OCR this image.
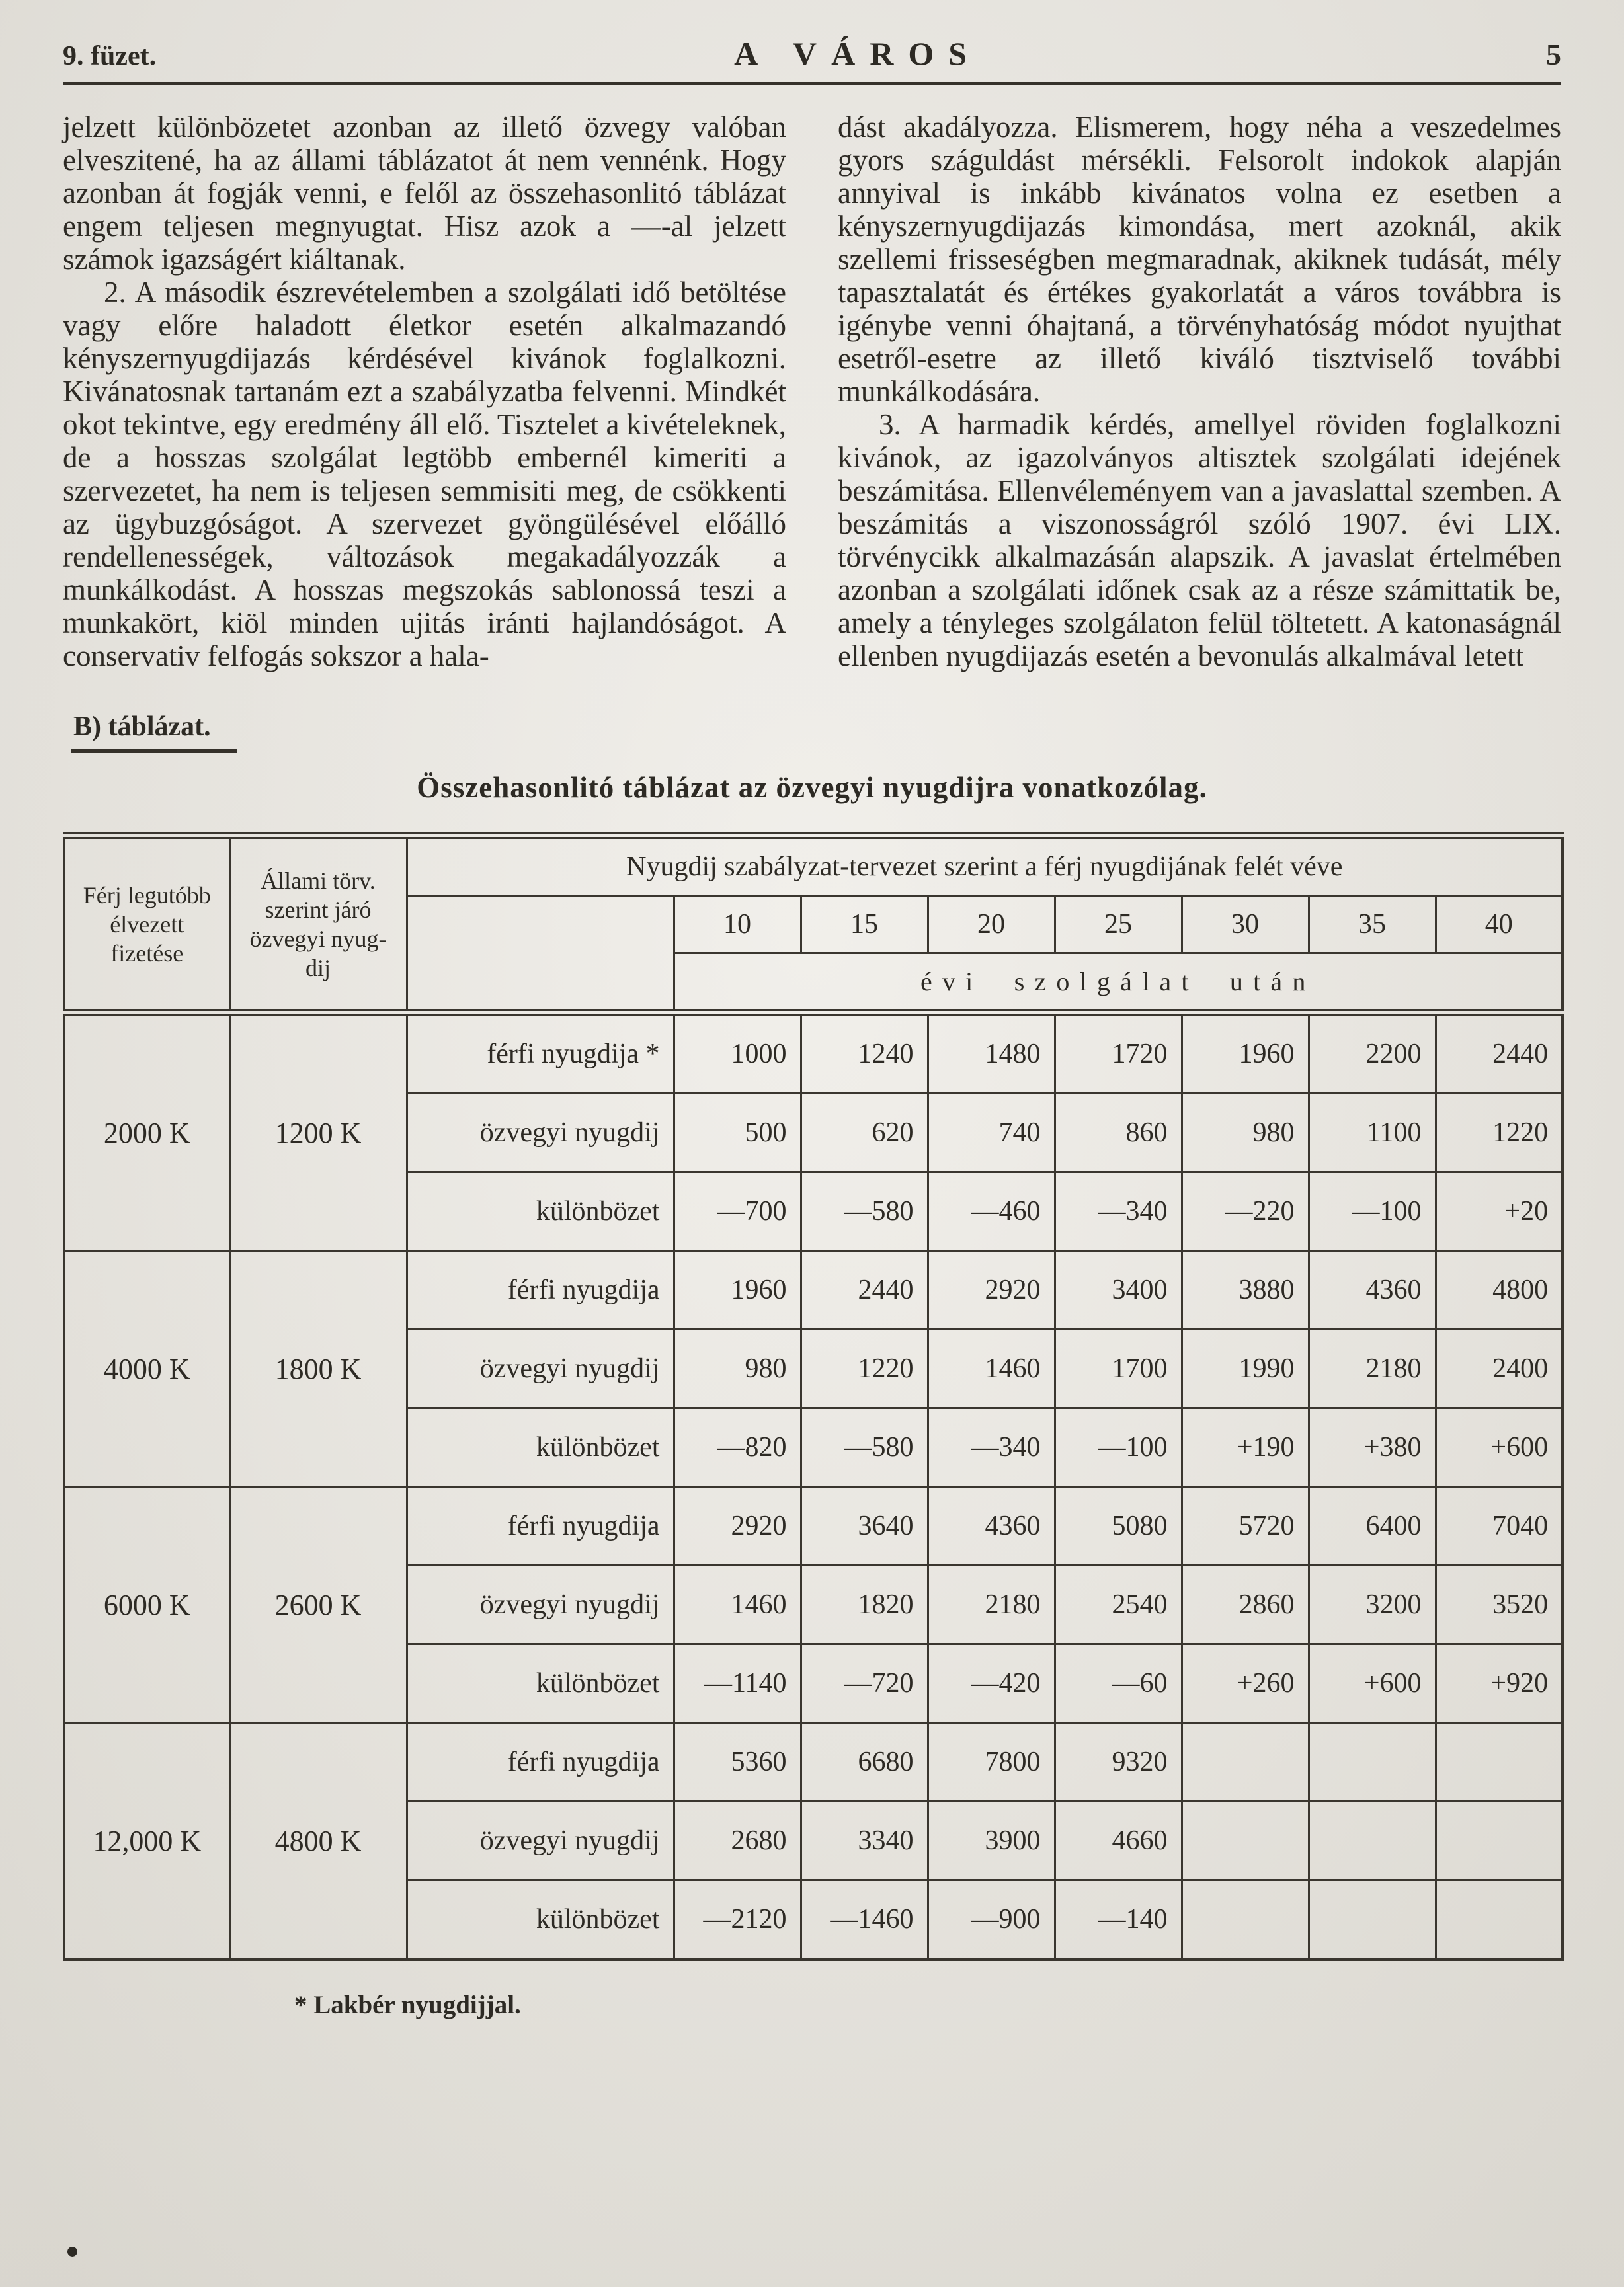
9. füzet.	A VÁROS	5

jelzett különbözetet azonban az illető özvegy valóban elveszitené, ha az állami táblázatot át nem vennénk. Hogy azonban át fogják venni, e felől az összehasonlitó táblázat engem teljesen megnyugtat. Hisz azok a —-al jelzett számok igazságért kiáltanak.

2. A második észrevételemben a szolgálati idő betöltése vagy előre haladott életkor esetén alkalmazandó kényszernyugdijazás kérdésével kivánok foglalkozni. Kivánatosnak tartanám ezt a szabályzatba felvenni. Mindkét okot tekintve, egy eredmény áll elő. Tisztelet a kivételeknek, de a hosszas szolgálat legtöbb embernél kimeriti a szervezetet, ha nem is teljesen semmisiti meg, de csökkenti az ügybuzgóságot. A szervezet gyöngülésével előálló rendellenességek, változások megakadályozzák a munkálkodást. A hosszas megszokás sablonossá teszi a munkakört, kiöl minden ujitás iránti hajlandóságot. A conservativ felfogás sokszor a hala-

dást akadályozza. Elismerem, hogy néha a veszedelmes gyors száguldást mérsékli. Felsorolt indokok alapján annyival is inkább kivánatos volna ez esetben a kényszernyugdijazás kimondása, mert azoknál, akik szellemi frisseségben megmaradnak, akiknek tudását, mély tapasztalatát és értékes gyakorlatát a város továbbra is igénybe venni óhajtaná, a törvényhatóság módot nyujthat esetről-esetre az illető kiváló tisztviselő további munkálkodására.

3. A harmadik kérdés, amellyel röviden foglalkozni kivánok, az igazolványos altisztek szolgálati idejének beszámitása. Ellenvéleményem van a javaslattal szemben. A beszámitás a viszonosságról szóló 1907. évi LIX. törvénycikk alkalmazásán alapszik. A javaslat értelmében azonban a szolgálati időnek csak az a része számittatik be, amely a tényleges szolgálaton felül töltetett. A katonaságnál ellenben nyugdijazás esetén a bevonulás alkalmával letett

B) táblázat.
Összehasonlitó táblázat az özvegyi nyugdijra vonatkozólag.
Férj legutóbb élvezett fizetése	Állami törv. szerint járó özvegyi nyug-dij	Nyugdij szabályzat-tervezet szerint a férj nyugdijának felét véve							
			10	15	20	25	30	35	40
			évi szolgálat után						
2000 K	1200 K	férfi nyugdija *	1000	1240	1480	1720	1960	2200	2440
		özvegyi nyugdij	500	620	740	860	980	1100	1220
		különbözet	—700	—580	—460	—340	—220	—100	+20
4000 K	1800 K	férfi nyugdija	1960	2440	2920	3400	3880	4360	4800
		özvegyi nyugdij	980	1220	1460	1700	1990	2180	2400
		különbözet	—820	—580	—340	—100	+190	+380	+600
6000 K	2600 K	férfi nyugdija	2920	3640	4360	5080	5720	6400	7040
		özvegyi nyugdij	1460	1820	2180	2540	2860	3200	3520
		különbözet	—1140	—720	—420	—60	+260	+600	+920
12,000 K	4800 K	férfi nyugdija	5360	6680	7800	9320			
		özvegyi nyugdij	2680	3340	3900	4660			
		különbözet	—2120	—1460	—900	—140			
* Lakbér nyugdijjal.
